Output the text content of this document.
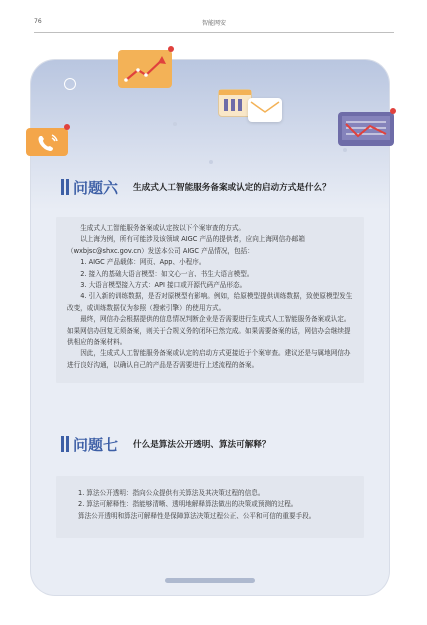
76	智能网安
问题六 生成式人工智能服务备案或认定的启动方式是什么？

生成式人工智能服务备案或认定按以下个案审查的方式。

以上海为例，所有可能涉及该领域 AIGC 产品的提供者，应向上海网信办邮箱（wxbjsc@shxc.gov.cn）发送本公司 AIGC 产品情况，包括：

1. AIGC 产品载体：网页、App、小程序。

2. 接入的基础大语言模型：如文心一言、书生大语言模型。

3. 大语言模型接入方式：API 接口或开源代码产品形态。

4. 引入新的训练数据，是否对原模型有影响。例如，给原模型提供训练数据，致使原模型发生改变，或训练数据仅为参照（搜索引擎）的使用方式。

最终，网信办会根据提供的信息情况判断企业是否需要进行生成式人工智能服务备案或认定。如果网信办回复无须备案，则关于合规义务的闭环已然完成。如果需要备案的话，网信办会继续提供相应的备案材料。

因此，生成式人工智能服务备案或认定的启动方式更接近于个案审查。建议还是与属地网信办进行良好沟通，以确认自己的产品是否需要进行上述流程的备案。

问题七 什么是算法公开透明、算法可解释？

1. 算法公开透明：指向公众提供有关算法及其决策过程的信息。

2. 算法可解释性：指能够清晰、透明地解释算法做出的决策或预测的过程。

算法公开透明和算法可解释性是保障算法决策过程公正、公平和可信的重要手段。
